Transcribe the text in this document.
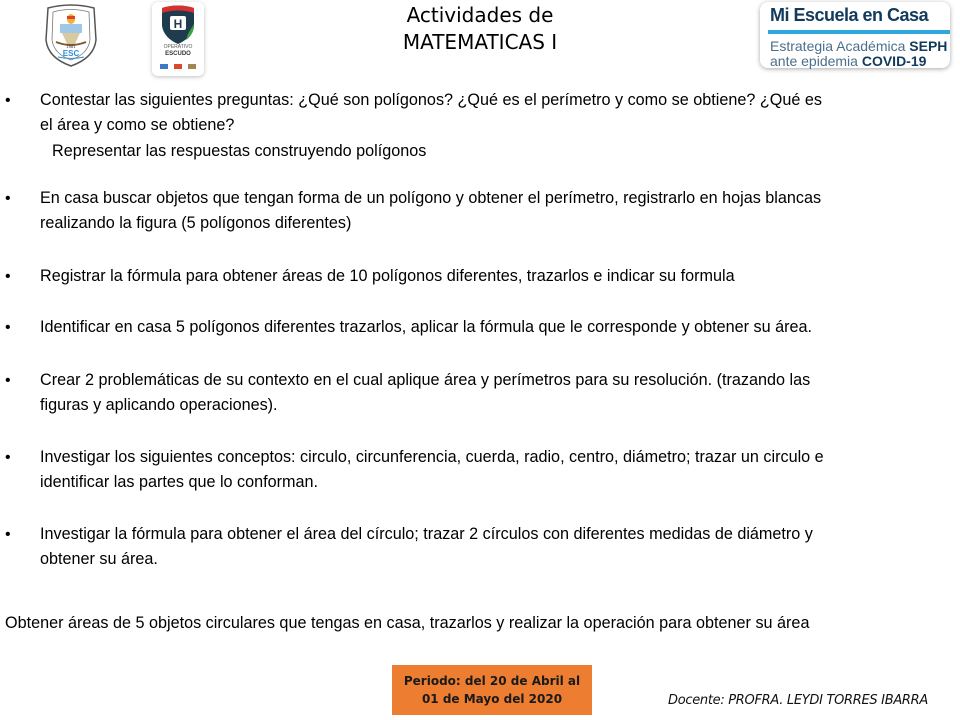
1981
ESC
H
OPERATIVO
ESCUDO
Actividades de
MATEMATICAS I
Mi Escuela en Casa
Estrategia Académica SEPH
ante epidemia COVID-19
• Contestar las siguientes preguntas: ¿Qué son polígonos? ¿Qué es el perímetro y como se obtiene? ¿Qué es
el área y como se obtiene?
Representar las respuestas construyendo polígonos
• En casa buscar objetos que tengan forma de un polígono y obtener el perímetro, registrarlo en hojas blancas
realizando la figura (5 polígonos diferentes)
• Registrar la fórmula para obtener áreas de 10 polígonos diferentes, trazarlos e indicar su formula
• Identificar en casa 5 polígonos diferentes trazarlos, aplicar la fórmula que le corresponde y obtener su área.
• Crear 2 problemáticas de su contexto en el cual aplique área y perímetros para su resolución. (trazando las
figuras y aplicando operaciones).
• Investigar los siguientes conceptos: circulo, circunferencia, cuerda, radio, centro, diámetro; trazar un circulo e
identificar las partes que lo conforman.
• Investigar la fórmula para obtener el área del círculo; trazar 2 círculos con diferentes medidas de diámetro y
obtener su área.
Obtener áreas de 5 objetos circulares que tengas en casa, trazarlos y realizar la operación para obtener su área
Periodo: del 20 de Abril al
01 de Mayo del 2020	Docente: PROFRA. LEYDI TORRES IBARRA
